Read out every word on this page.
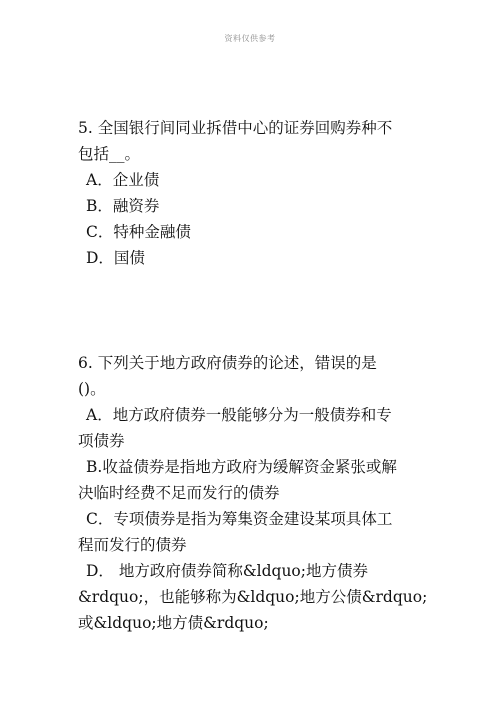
资料仅供参考
5. 全国银行间同业拆借中心的证券回购券种不
包括__。
A．企业债
B．融资券
C．特种金融债
D．国债
6. 下列关于地方政府债券的论述，错误的是
()。
A．地方政府债券一般能够分为一般债券和专
项债券
B.收益债券是指地方政府为缓解资金紧张或解
决临时经费不足而发行的债券
C．专项债券是指为筹集资金建设某项具体工
程而发行的债券
D． 地方政府债券简称&ldquo;地方债券
&rdquo;，也能够称为&ldquo;地方公债&rdquo;
或&ldquo;地方债&rdquo;
